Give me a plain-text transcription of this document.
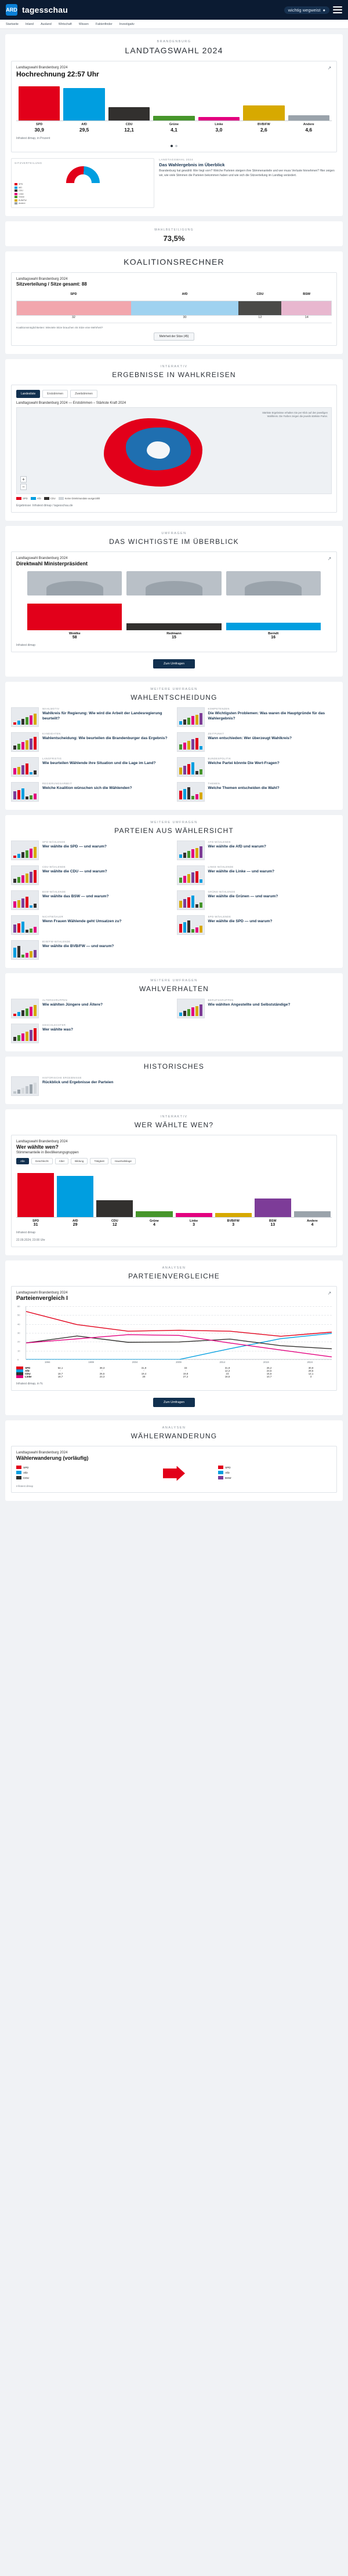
ARD tagesschau	wichtig wegweist ●
Startseite Inland Ausland Wirtschaft Wissen Faktenfinder Investigativ
BRANDENBURG
LANDTAGSWAHL 2024
↗
Landtagswahl Brandenburg 2024
Hochrechnung 22:57 Uhr
SPD
30,9
AfD
29,5
CDU
12,1
Grüne
4,1
Linke
3,0
BVB/FW
2,6
Andere
4,6
Infratest dimap, in Prozent
SITZVERTEILUNG
SPD
AfD
CDU
Linke
Grüne
BVB/FW
Andere
LANDTAGSWAHL 2024
Das Wahlergebnis im Überblick
Brandenburg hat gewählt: Wer liegt vorn? Welche Parteien steigern ihre Stimmenanteile und wer muss Verluste hinnehmen? Hier zeigen wir, wie viele Stimmen die Parteien bekommen haben und wie sich die Sitzverteilung im Landtag verändert.
WAHLBETEILIGUNG
73,5%
KOALITIONSRECHNER
Landtagswahl Brandenburg 2024
Sitzverteilung / Sitze gesamt: 88
SPD	AfD	CDU	BSW
32	30	12	14
Koalitionsmöglichkeiten: Wieviele Sitze brauchen 45 Sitze eine Mehrheit?
Mehrheit der Sitze (45)
INTERAKTIV
ERGEBNISSE IN WAHLKREISEN
Landesliste	Erststimmen	Zweitstimmen
Landtagswahl Brandenburg 2024 — Erststimmen – Stärkste Kraft 2024
Stärkste Ergebnisse erhalten Sie per Klick auf den jeweiligen Wahlkreis. Die Farben zeigen die jeweils stärkste Partei.
+
−
SPD	AfD	CDU	Keine Direktmandate ausgezählt
Ergebnisse: Infratest dimap / tagesschau.de
UMFRAGEN
DAS WICHTIGSTE IM ÜBERBLICK
↗
Landtagswahl Brandenburg 2024
Direktwahl Ministerpräsident
Woidke
58
Redmann
15
Berndt
16
Infratest dimap
Zum Umfragen
WEITERE UMFRAGEN
WAHLENTSCHEIDUNG
WAHLMOTIV
Wahlkreis für Regierung: Wie wird die Arbeit der Landesregierung beurteilt?
KOMPETENZEN
Die Wichtigsten Problemen: Was waren die Hauptgründe für das Wahlergebnis?
KANDIDATEN
Wahlentscheidung: Wie beurteilen die Brandenburger das Ergebnis?
ZEITPUNKT
Wann entschieden: Wer überzeugt Wahlkreis?
LANGFRISTIG
Wie beurteilen Wählende ihre Situation und die Lage im Land?
BUNDESPOLITIK
Welche Partei könnte Die Wert-Fragen?
REGIERUNGSARBEIT
Welche Koalition wünschen sich die Wählenden?
THEMEN
Welche Themen entscheiden die Wahl?
WEITERE UMFRAGEN
PARTEIEN AUS WÄHLERSICHT
SPD-WÄHLENDE
Wer wählte die SPD — und warum?
AFD-WÄHLENDE
Wer wählte die AfD und warum?
CDU-WÄHLENDE
Wer wählte die CDU — und warum?
LINKE-WÄHLENDE
Wer wählte die Linke — und warum?
BSW-WÄHLENDE
Wer wählte das BSW — und warum?
GRÜNE-WÄHLENDE
Wer wählte die Grünen — und warum?
NICHTWÄHLER
Wenn Frauen Wählende geht Umsatzen zu?
SPD-WÄHLENDE
Wer wählte die SPD — und warum?
BVB/FW-WÄHLENDE
Wer wählte die BVB/FW — und warum?
WEITERE UMFRAGEN
WAHLVERHALTEN
ALTERSGRUPPEN
Wie wählten Jüngere und Ältere?
BERUFSGRUPPEN
Wie wählten Angestellte und Selbstständige?
GESCHLECHTER
Wer wählte was?
HISTORISCHES
HISTORISCHE ERGEBNISSE
Rückblick und Ergebnisse der Parteien
INTERAKTIV
WER WÄHLTE WEN?
Landtagswahl Brandenburg 2024
Wer wählte wen?
Stimmenanteile in Bevölkerungsgruppen
Alle	Geschlecht	Alter	Bildung	Tätigkeit	Haushaltslage
SPD
31
AfD
29
CDU
12
Grüne
4
Linke
3
BVB/FW
3
BSW
13
Andere
4
Infratest dimap
22.09.2024, 23:00 Uhr
ANALYSEN
PARTEIENVERGLEICHE
↗
Landtagswahl Brandenburg 2024
Parteienvergleich I
0
10
20
30
40
50
60
1994	1999	2004	2009	2014	2019	2024
SPD	54,1	39,3	31,9	33	31,9	26,2	30,9
AfD	-	-	-	-	12,2	23,5	29,5
CDU	18,7	26,5	19,4	19,8	23	15,6	12,1
Linke	18,7	23,3	28	27,2	18,6	10,7	3
Infratest dimap, in %
Zum Umfragen
ANALYSEN
WÄHLERWANDERUNG
Landtagswahl Brandenburg 2024
Wählerwanderung (vorläufig)
SPD
AfD
CDU
SPD
AfD
BSW
Infratest dimap
